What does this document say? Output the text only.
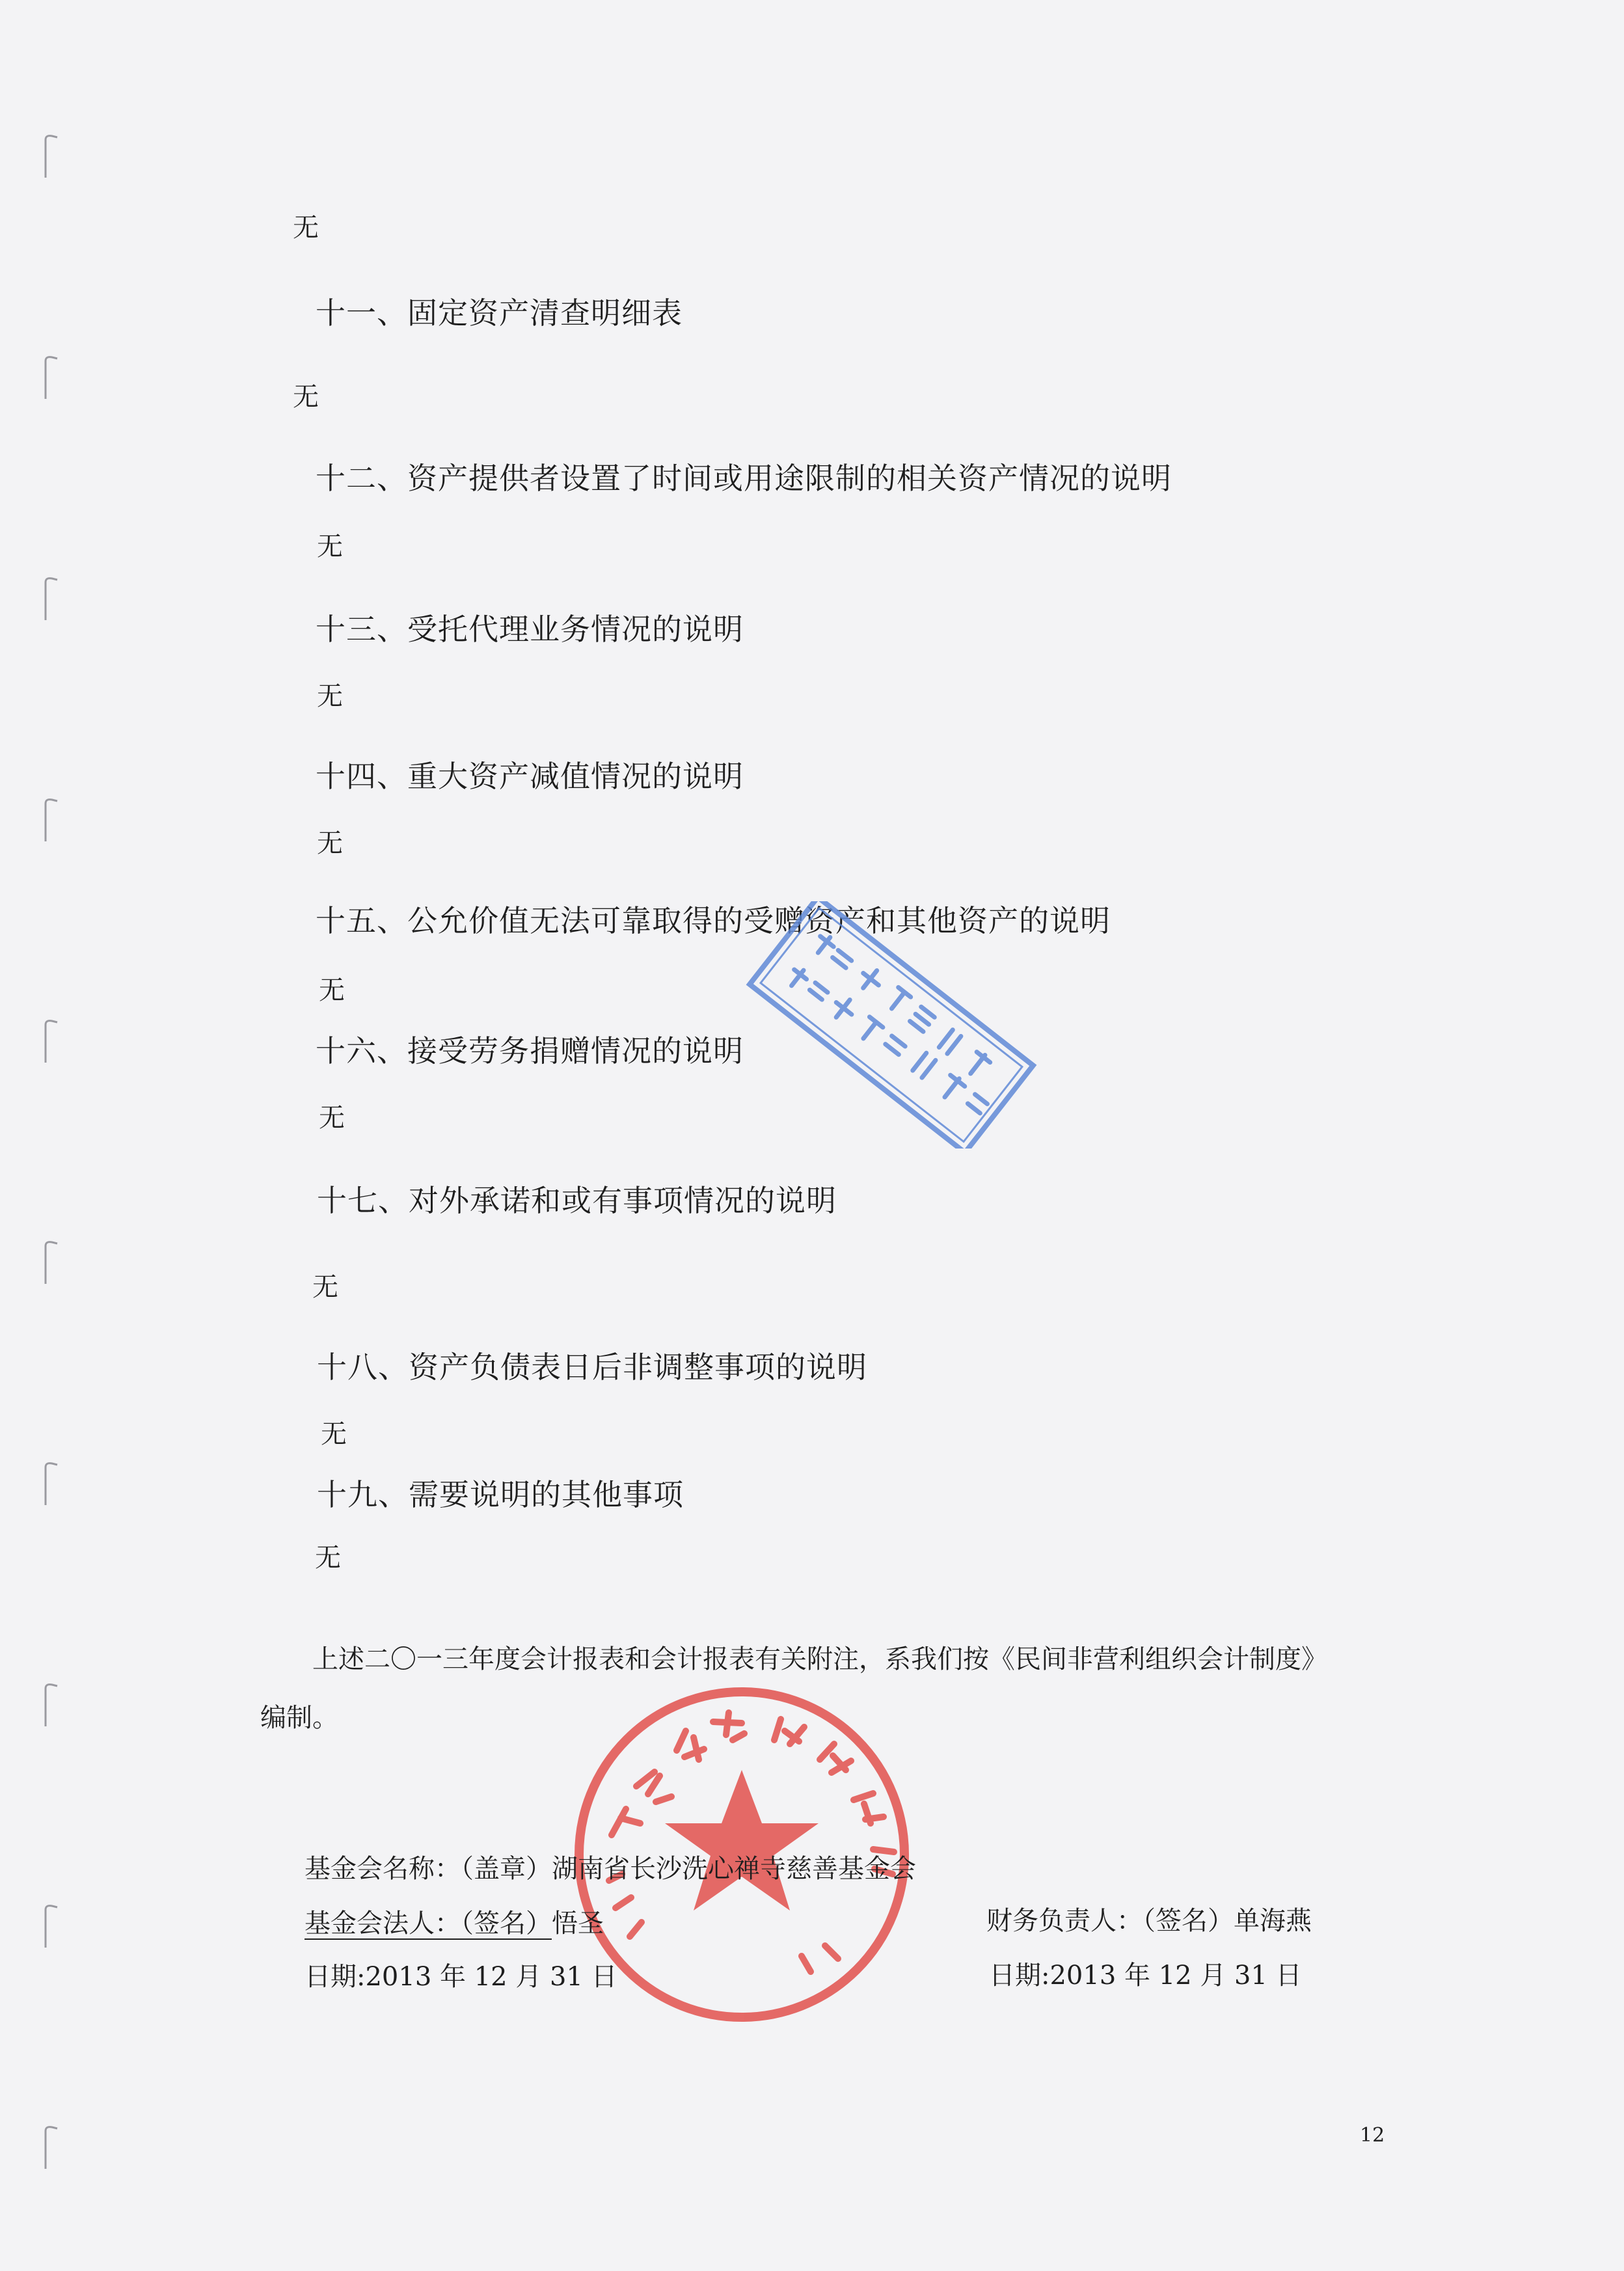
无
十一、固定资产清查明细表
无
十二、资产提供者设置了时间或用途限制的相关资产情况的说明
无
十三、受托代理业务情况的说明
无
十四、重大资产减值情况的说明
无
十五、公允价值无法可靠取得的受赠资产和其他资产的说明
无
十六、接受劳务捐赠情况的说明
无
十七、对外承诺和或有事项情况的说明
无
十八、资产负债表日后非调整事项的说明
无
十九、需要说明的其他事项
无
上述二〇一三年度会计报表和会计报表有关附注，系我们按《民间非营利组织会计制度》
编制。
基金会名称：（盖章）湖南省长沙洗心禅寺慈善基金会
基金会法人：（签名）悟圣
日期:2013 年 12 月 31 日
财务负责人：（签名）单海燕
日期:2013 年 12 月 31 日
12
